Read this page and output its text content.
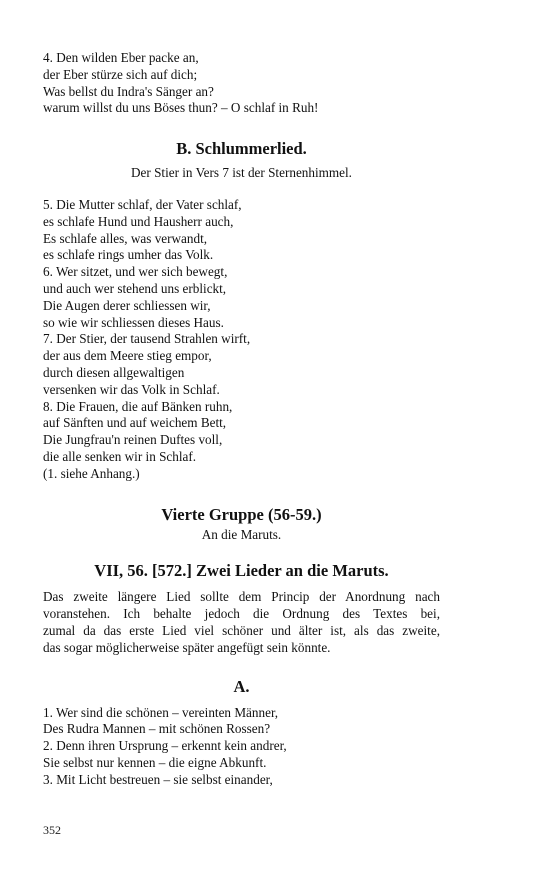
4. Den wilden Eber packe an,

der Eber stürze sich auf dich;

Was bellst du Indra's Sänger an?

warum willst du uns Böses thun? – O schlaf in Ruh!

B. Schlummerlied.

Der Stier in Vers 7 ist der Sternenhimmel.

5. Die Mutter schlaf, der Vater schlaf,

es schlafe Hund und Hausherr auch,

Es schlafe alles, was verwandt,

es schlafe rings umher das Volk.

6. Wer sitzet, und wer sich bewegt,

und auch wer stehend uns erblickt,

Die Augen derer schliessen wir,

so wie wir schliessen dieses Haus.

7. Der Stier, der tausend Strahlen wirft,

der aus dem Meere stieg empor,

durch diesen allgewaltigen

versenken wir das Volk in Schlaf.

8. Die Frauen, die auf Bänken ruhn,

auf Sänften und auf weichem Bett,

Die Jungfrau'n reinen Duftes voll,

die alle senken wir in Schlaf.

(1. siehe Anhang.)

Vierte Gruppe (56-59.)

An die Maruts.

VII, 56. [572.] Zwei Lieder an die Maruts.
Das zweite längere Lied sollte dem Princip der Anordnung nach
voranstehen. Ich behalte jedoch die Ordnung des Textes bei,
zumal da das erste Lied viel schöner und älter ist, als das zweite,
das sogar möglicherweise später angefügt sein könnte.
A.

1. Wer sind die schönen – vereinten Männer,

Des Rudra Mannen – mit schönen Rossen?

2. Denn ihren Ursprung – erkennt kein andrer,

Sie selbst nur kennen – die eigne Abkunft.

3. Mit Licht bestreuen – sie selbst einander,

352
